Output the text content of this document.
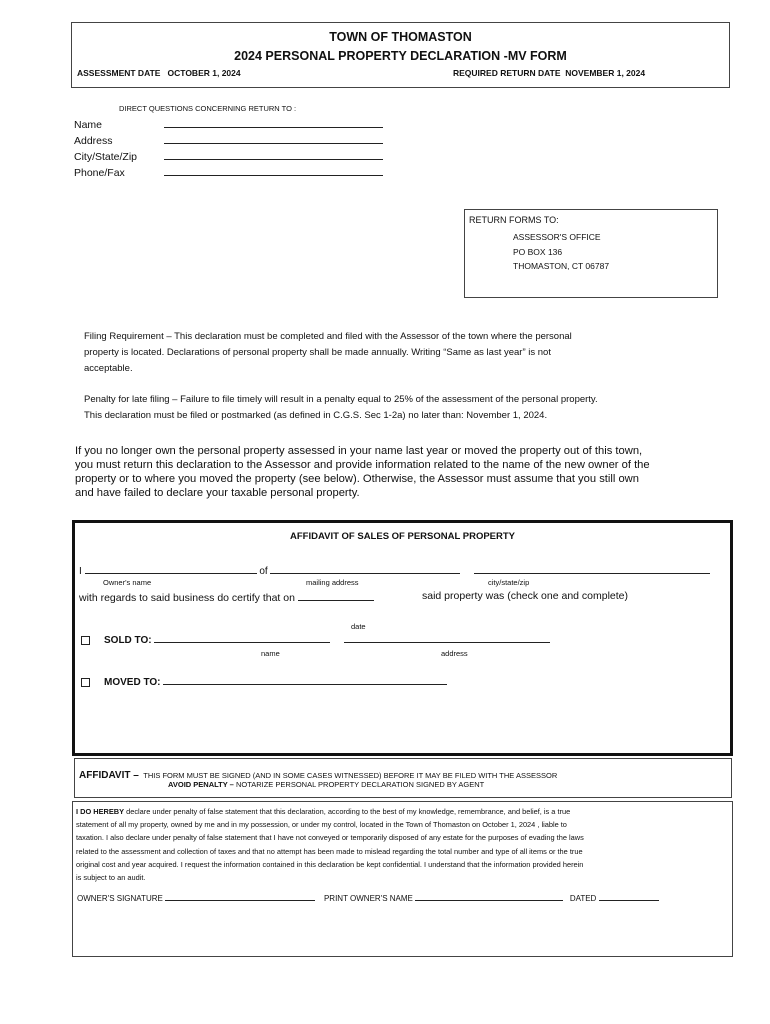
TOWN OF THOMASTON
2024 PERSONAL PROPERTY DECLARATION -MV FORM
ASSESSMENT DATE OCTOBER 1, 2024	REQUIRED RETURN DATE NOVEMBER 1, 2024
DIRECT QUESTIONS CONCERNING RETURN TO :
Name
Address
City/State/Zip
Phone/Fax
RETURN FORMS TO:
ASSESSOR'S OFFICE
PO BOX 136
THOMASTON, CT 06787
Filing Requirement – This declaration must be completed and filed with the Assessor of the town where the personal
property is located. Declarations of personal property shall be made annually. Writing “Same as last year” is not
acceptable.
Penalty for late filing – Failure to file timely will result in a penalty equal to 25% of the assessment of the personal property.
This declaration must be filed or postmarked (as defined in C.G.S. Sec 1-2a) no later than: November 1, 2024.
If you no longer own the personal property assessed in your name last year or moved the property out of this town,
you must return this declaration to the Assessor and provide information related to the name of the new owner of the
property or to where you moved the property (see below). Otherwise, the Assessor must assume that you still own
and have failed to declare your taxable personal property.
AFFIDAVIT OF SALES OF PERSONAL PROPERTY
I	of
Owner's name	mailing address	city/state/zip
with regards to said business do certify that on	said property was (check one and complete)
date
SOLD TO:
name	address
MOVED TO:
AFFIDAVIT – THIS FORM MUST BE SIGNED (AND IN SOME CASES WITNESSED) BEFORE IT MAY BE FILED WITH THE ASSESSOR
AVOID PENALTY – NOTARIZE PERSONAL PROPERTY DECLARATION SIGNED BY AGENT
I DO HEREBY declare under penalty of false statement that this declaration, according to the best of my knowledge, remembrance, and belief, is a true
statement of all my property, owned by me and in my possession, or under my control, located in the Town of Thomaston on October 1, 2024 , liable to
taxation. I also declare under penalty of false statement that I have not conveyed or temporarily disposed of any estate for the purposes of evading the laws
related to the assessment and collection of taxes and that no attempt has been made to mislead regarding the total number and type of all items or the true
original cost and year acquired. I request the information contained in this declaration be kept confidential. I understand that the information provided herein
is subject to an audit.
OWNER'S SIGNATURE	PRINT OWNER'S NAME	DATED
